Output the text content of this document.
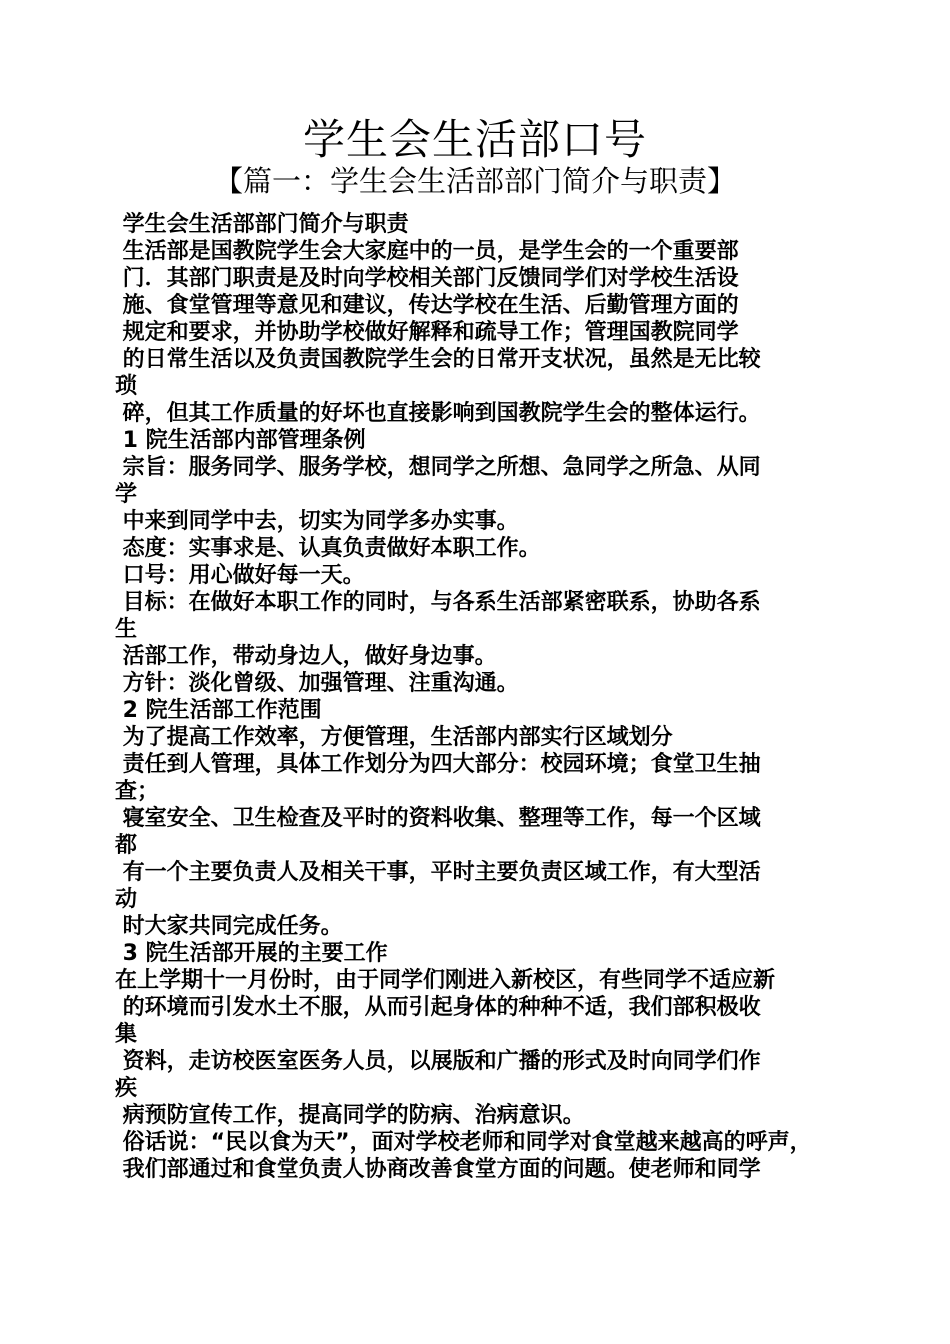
学生会生活部口号
【篇一：学生会生活部部门简介与职责】
学生会生活部部门简介与职责
生活部是国教院学生会大家庭中的一员，是学生会的一个重要部
门．其部门职责是及时向学校相关部门反馈同学们对学校生活设
施、食堂管理等意见和建议，传达学校在生活、后勤管理方面的
规定和要求，并协助学校做好解释和疏导工作；管理国教院同学
的日常生活以及负责国教院学生会的日常开支状况，虽然是无比较
琐
碎，但其工作质量的好坏也直接影响到国教院学生会的整体运行。
1 院生活部内部管理条例
宗旨：服务同学、服务学校，想同学之所想、急同学之所急、从同
学
中来到同学中去，切实为同学多办实事。
态度：实事求是、认真负责做好本职工作。
口号：用心做好每一天。
目标：在做好本职工作的同时，与各系生活部紧密联系，协助各系
生
活部工作，带动身边人，做好身边事。
方针：淡化曾级、加强管理、注重沟通。
2 院生活部工作范围
为了提高工作效率，方便管理，生活部内部实行区域划分
责任到人管理，具体工作划分为四大部分：校园环境；食堂卫生抽
查；
寝室安全、卫生检查及平时的资料收集、整理等工作，每一个区域
都
有一个主要负责人及相关干事，平时主要负责区域工作，有大型活
动
时大家共同完成任务。
3 院生活部开展的主要工作
在上学期十一月份时，由于同学们刚进入新校区，有些同学不适应新
的环境而引发水土不服，从而引起身体的种种不适，我们部积极收
集
资料，走访校医室医务人员，以展版和广播的形式及时向同学们作
疾
病预防宣传工作，提高同学的防病、治病意识。
俗话说：“民以食为天”，面对学校老师和同学对食堂越来越高的呼声，
我们部通过和食堂负责人协商改善食堂方面的问题。使老师和同学
